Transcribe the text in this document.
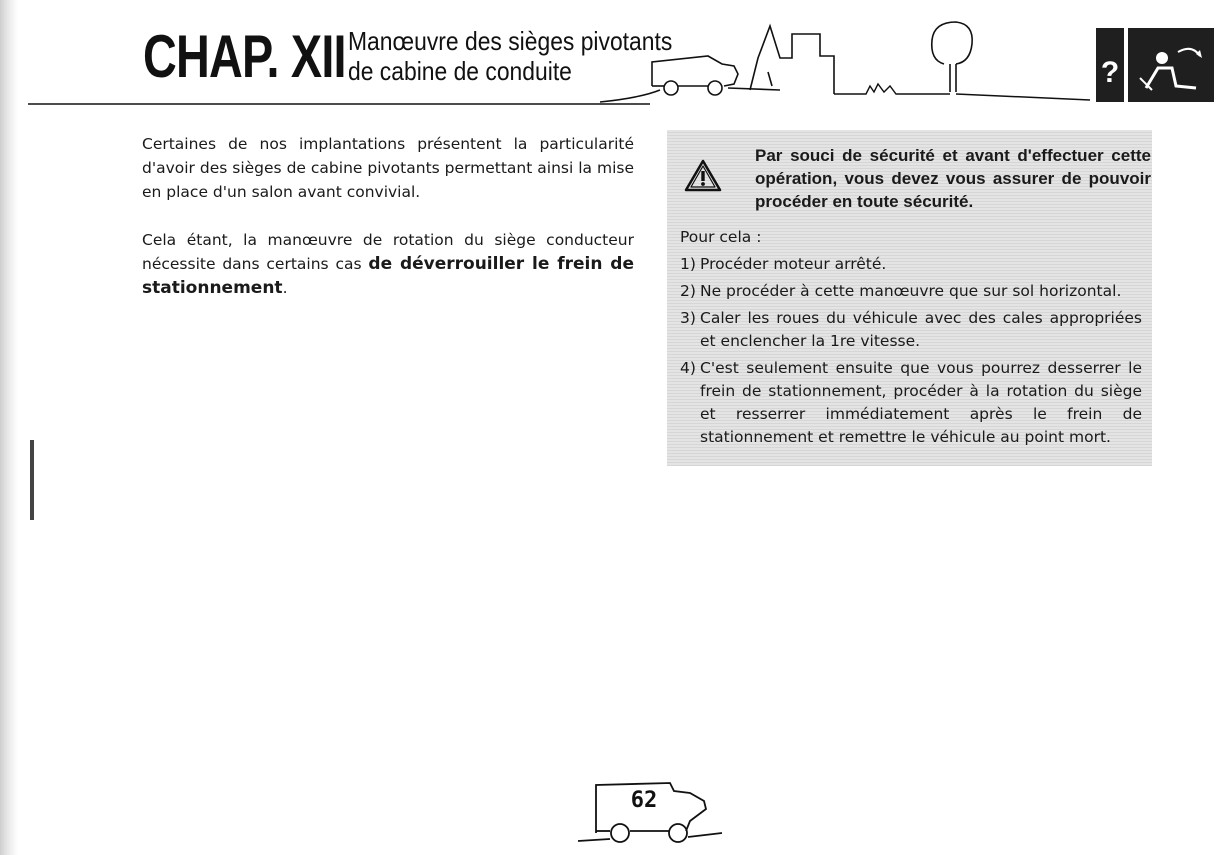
CHAP. XII Manœuvre des sièges pivotants
de cabine de conduite	?

Certaines de nos implantations présentent la particularité d'avoir des sièges de cabine pivotants permettant ainsi la mise en place d'un salon avant convivial.

Cela étant, la manœuvre de rotation du siège conducteur nécessite dans certains cas de déverrouiller le frein de stationnement.

Par souci de sécurité et avant d'effectuer cette opération, vous devez vous assurer de pouvoir procéder en toute sécurité.

Pour cela :

1) Procéder moteur arrêté.
2) Ne procéder à cette manœuvre que sur sol horizontal.
3) Caler les roues du véhicule avec des cales appropriées et enclencher la 1re vitesse.
4) C'est seulement ensuite que vous pourrez desserrer le frein de stationnement, procéder à la rotation du siège et resserrer immédiatement après le frein de stationnement et remettre le véhicule au point mort.
62
